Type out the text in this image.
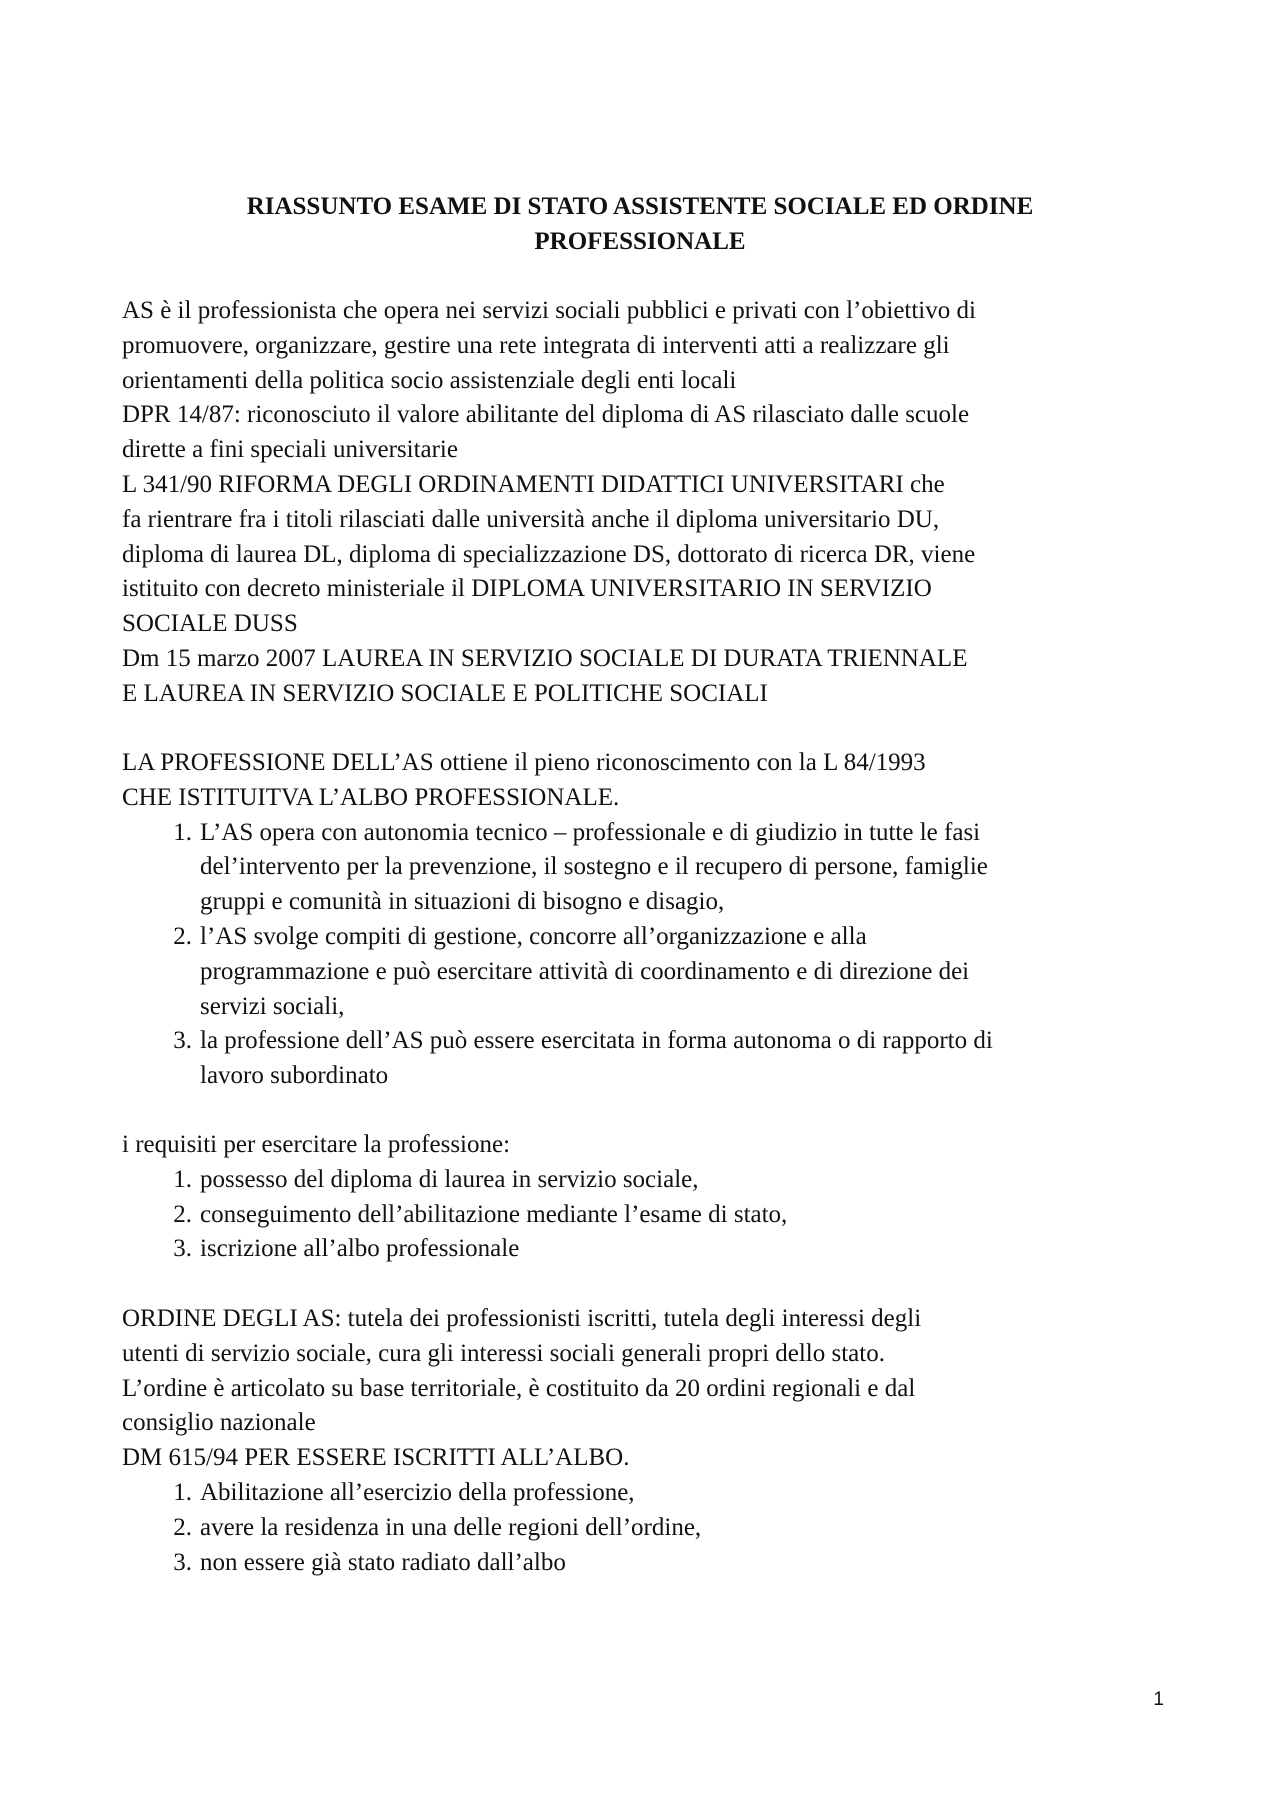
RIASSUNTO ESAME DI STATO ASSISTENTE SOCIALE ED ORDINE
PROFESSIONALE
AS è il professionista che opera nei servizi sociali pubblici e privati con l’obiettivo di
promuovere, organizzare, gestire una rete integrata di interventi atti a realizzare gli
orientamenti della politica socio assistenziale degli enti locali
DPR 14/87: riconosciuto il valore abilitante del diploma di AS rilasciato dalle scuole
dirette a fini speciali universitarie
L 341/90 RIFORMA DEGLI ORDINAMENTI DIDATTICI UNIVERSITARI che
fa rientrare fra i titoli rilasciati dalle università anche il diploma universitario DU,
diploma di laurea DL, diploma di specializzazione DS, dottorato di ricerca DR, viene
istituito con decreto ministeriale il DIPLOMA UNIVERSITARIO IN SERVIZIO
SOCIALE DUSS
Dm 15 marzo 2007 LAUREA IN SERVIZIO SOCIALE DI DURATA TRIENNALE
E LAUREA IN SERVIZIO SOCIALE E POLITICHE SOCIALI
LA PROFESSIONE DELL’AS ottiene il pieno riconoscimento con la L 84/1993
CHE ISTITUITVA L’ALBO PROFESSIONALE.
1. L’AS opera con autonomia tecnico – professionale e di giudizio in tutte le fasi
del’intervento per la prevenzione, il sostegno e il recupero di persone, famiglie
gruppi e comunità in situazioni di bisogno e disagio,
2. l’AS svolge compiti di gestione, concorre all’organizzazione e alla
programmazione e può esercitare attività di coordinamento e di direzione dei
servizi sociali,
3. la professione dell’AS può essere esercitata in forma autonoma o di rapporto di
lavoro subordinato
i requisiti per esercitare la professione:
1. possesso del diploma di laurea in servizio sociale,
2. conseguimento dell’abilitazione mediante l’esame di stato,
3. iscrizione all’albo professionale
ORDINE DEGLI AS: tutela dei professionisti iscritti, tutela degli interessi degli
utenti di servizio sociale, cura gli interessi sociali generali propri dello stato.
L’ordine è articolato su base territoriale, è costituito da 20 ordini regionali e dal
consiglio nazionale
DM 615/94 PER ESSERE ISCRITTI ALL’ALBO.
1. Abilitazione all’esercizio della professione,
2. avere la residenza in una delle regioni dell’ordine,
3. non essere già stato radiato dall’albo
1
